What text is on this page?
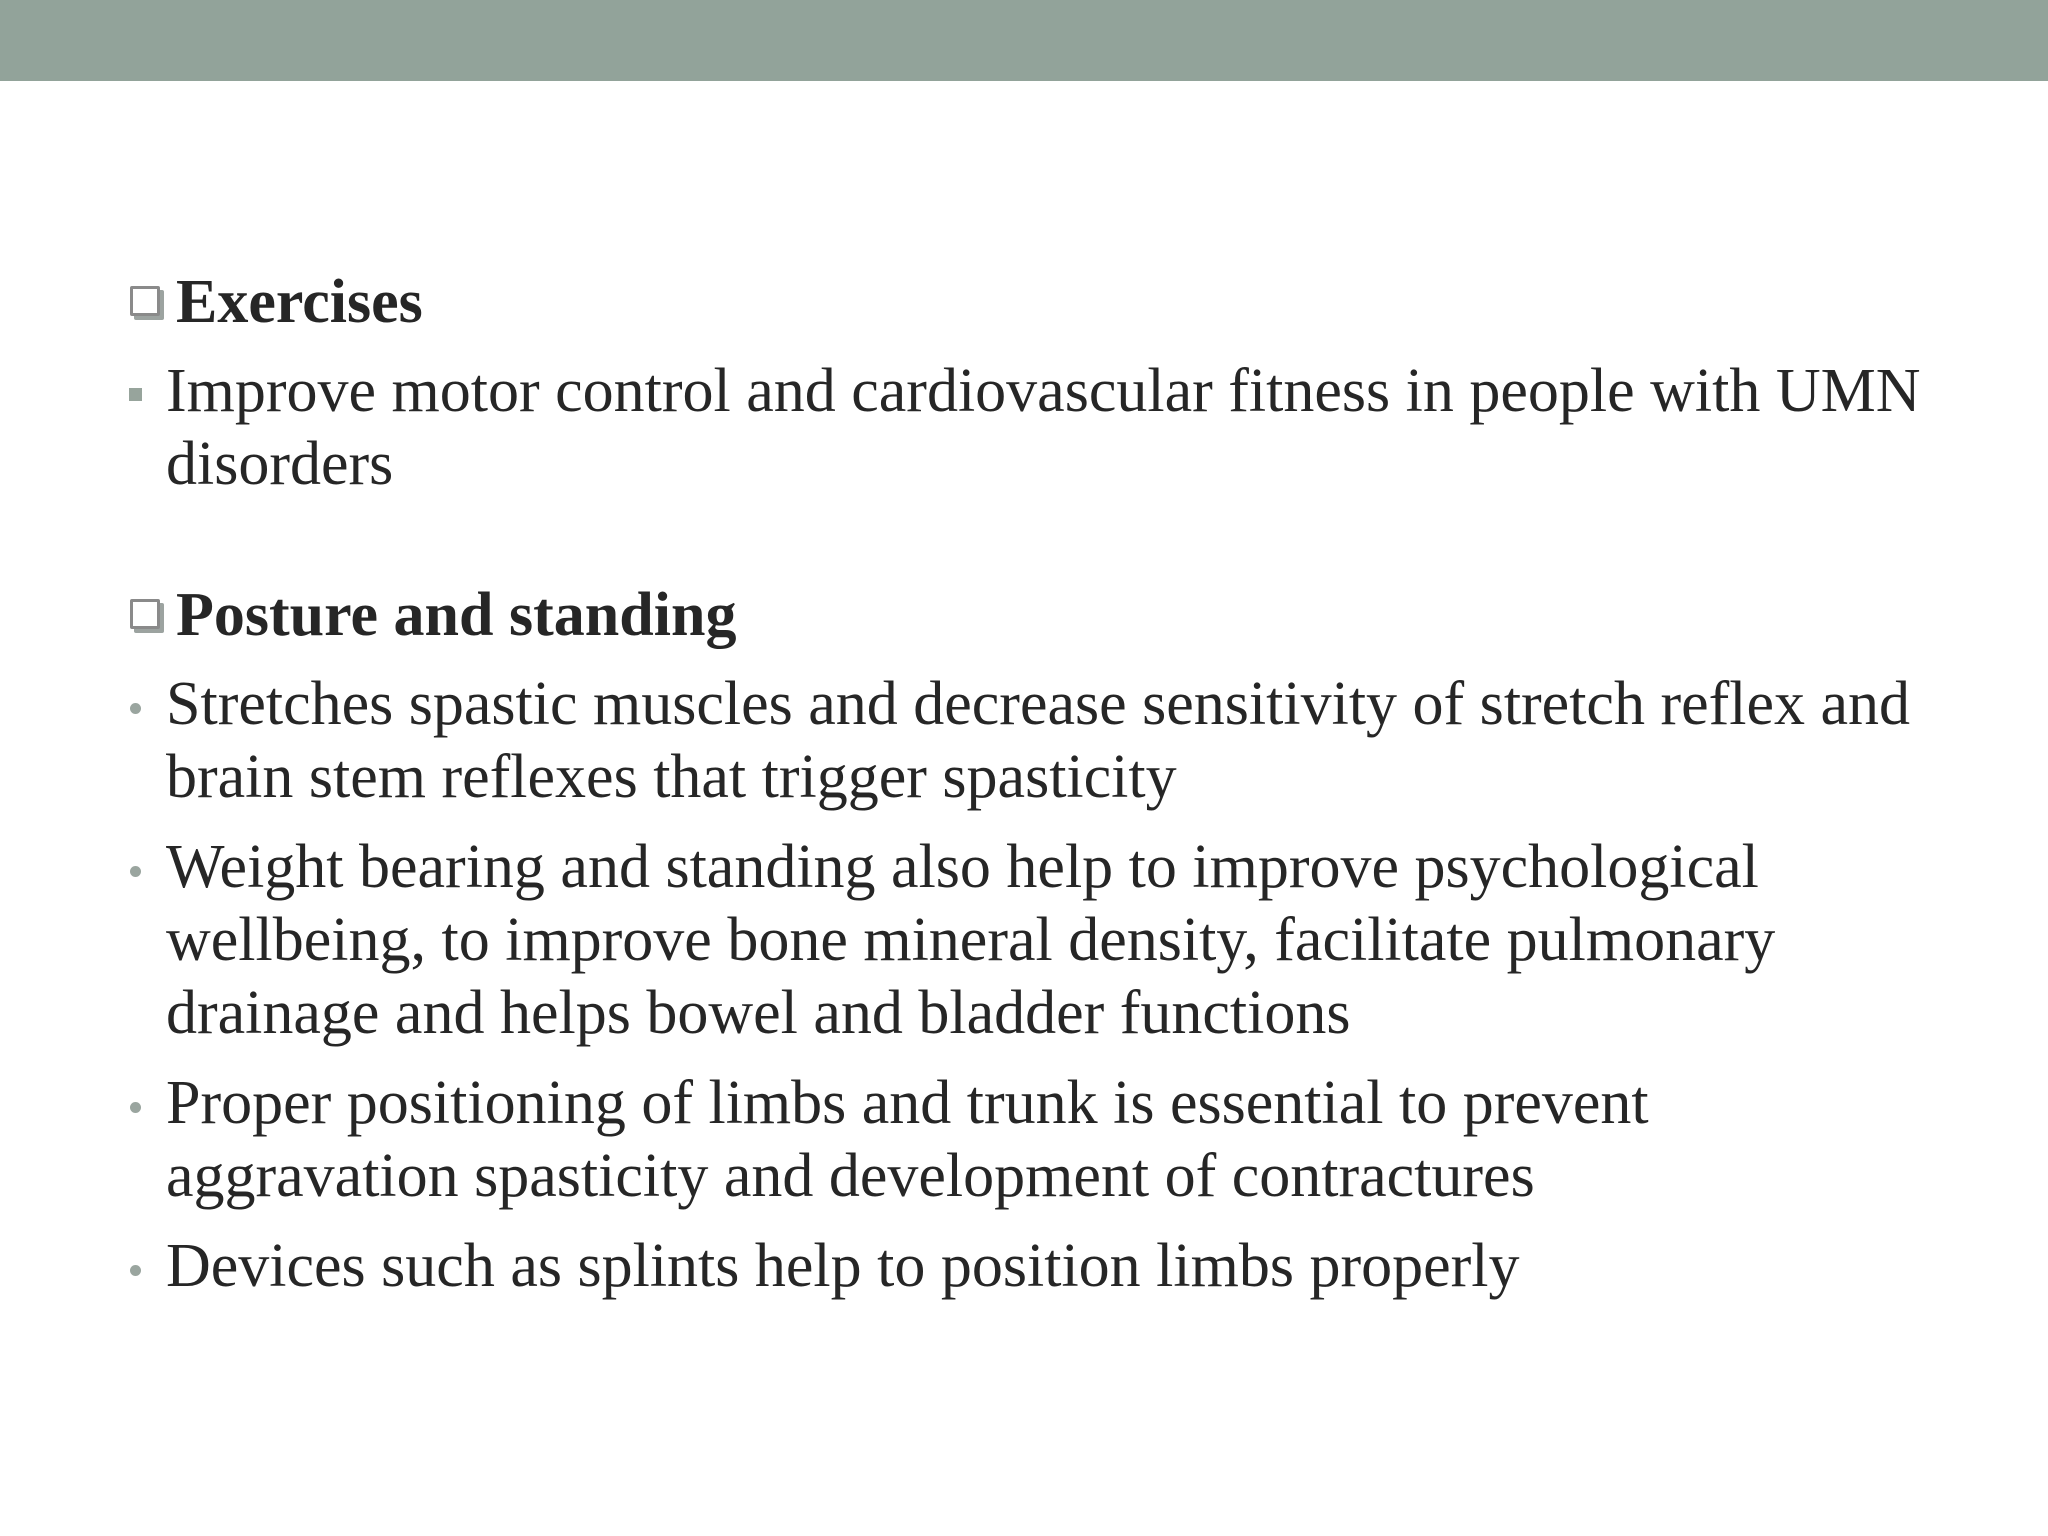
Exercises
Improve motor control and cardiovascular fitness in people with UMN disorders
Posture and standing
Stretches spastic muscles and decrease sensitivity of stretch reflex and brain stem reflexes that trigger spasticity
Weight bearing and standing also help to improve psychological wellbeing, to improve bone mineral density, facilitate pulmonary drainage and helps bowel and bladder functions
Proper positioning of limbs and trunk is essential to prevent aggravation spasticity and development of contractures
Devices such as splints help to position limbs properly
